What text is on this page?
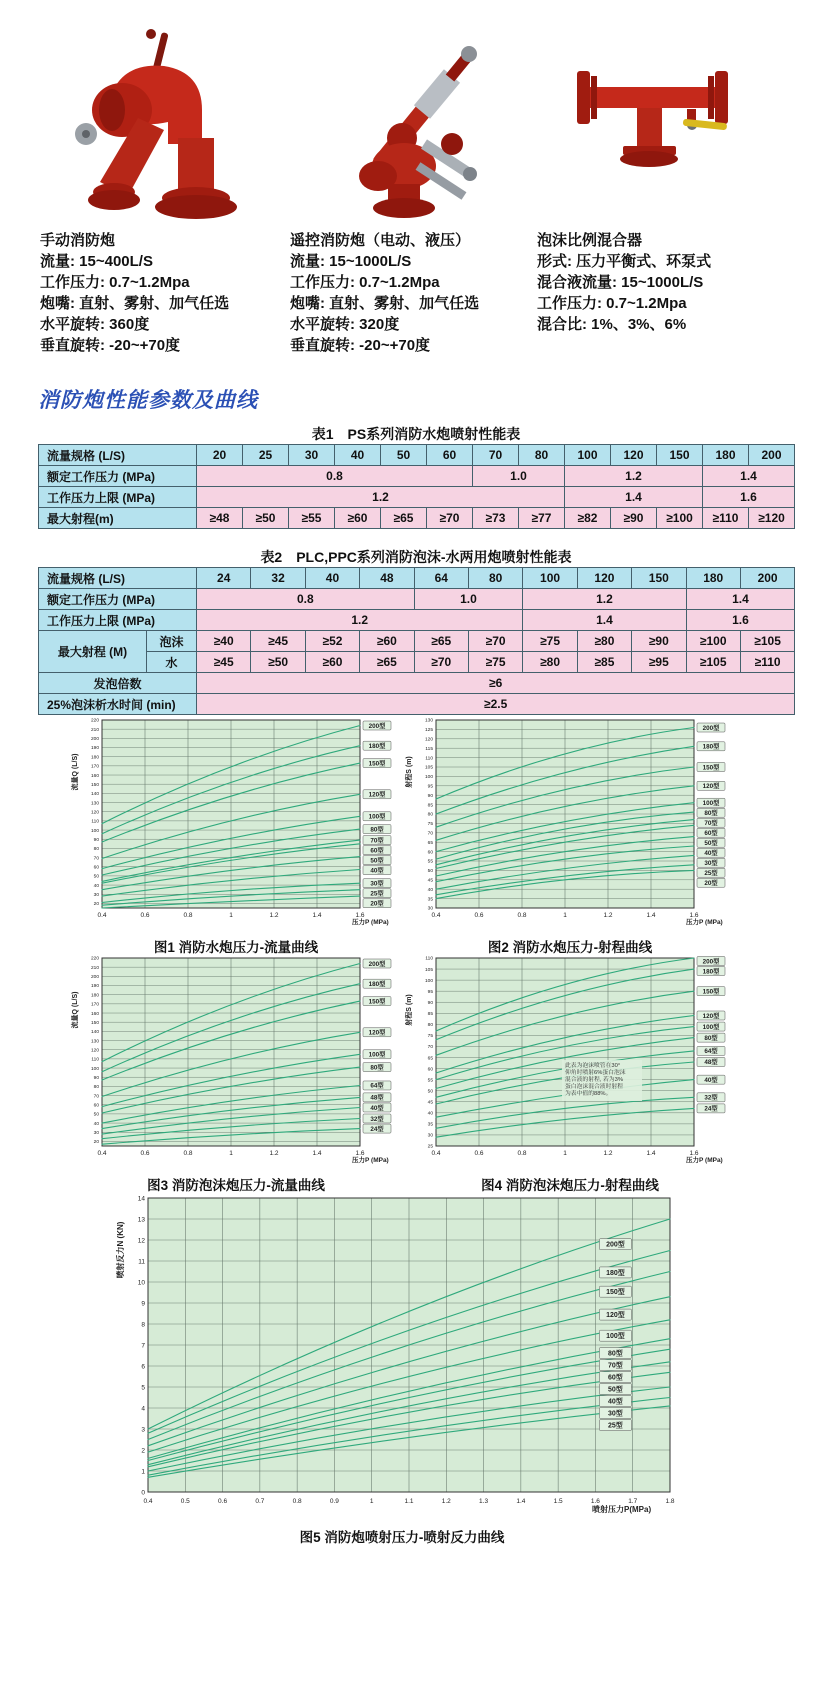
手动消防炮
流量: 15~400L/S
工作压力: 0.7~1.2Mpa
炮嘴: 直射、雾射、加气任选
水平旋转: 360度
垂直旋转: -20~+70度
遥控消防炮（电动、液压）
流量: 15~1000L/S
工作压力: 0.7~1.2Mpa
炮嘴: 直射、雾射、加气任选
水平旋转: 320度
垂直旋转: -20~+70度
泡沫比例混合器
形式: 压力平衡式、环泵式
混合液流量: 15~1000L/S
工作压力: 0.7~1.2Mpa
混合比: 1%、3%、6%
消防炮性能参数及曲线
表1　PS系列消防水炮喷射性能表
流量规格 (L/S)	20	25	30	40	50	60	70	80	100	120	150	180	200
额定工作压力 (MPa)	0.8						1.0		1.2			1.4	
工作压力上限 (MPa)	1.2								1.4			1.6	
最大射程(m)	≥48	≥50	≥55	≥60	≥65	≥70	≥73	≥77	≥82	≥90	≥100	≥110	≥120
表2　PLC,PPC系列消防泡沫-水两用炮喷射性能表
流量规格 (L/S)		24	32	40	48	64	80	100	120	150	180	200
额定工作压力 (MPa)		0.8				1.0		1.2			1.4	
工作压力上限 (MPa)		1.2						1.4			1.6	
最大射程 (M)	泡沫	≥40	≥45	≥52	≥60	≥65	≥70	≥75	≥80	≥90	≥100	≥105
	水	≥45	≥50	≥60	≥65	≥70	≥75	≥80	≥85	≥95	≥105	≥110
发泡倍数		≥6										
25%泡沫析水时间 (min)		≥2.5										
200型
180型
150型
120型
100型
80型
70型
60型
50型
40型
30型
25型
20型
20
30
40
50
60
70
80
90
100
110
120
130
140
150
160
170
180
190
200
210
220
0.4	0.6	0.8	1	1.2	1.4	1.6
流量Q (L/S)
压力P (MPa)
图1 消防水炮压力-流量曲线
200型
180型
150型
120型
100型
80型
70型
60型
50型
40型
30型
25型
20型
30
35
40
45
50
55
60
65
70
75
80
85
90
95
100
105
110
115
120
125
130
0.4	0.6	0.8	1	1.2	1.4	1.6
射程S (m)
压力P (MPa)
图2 消防水炮压力-射程曲线
200型
180型
150型
120型
100型
80型
64型
48型
40型
32型
24型
20
30
40
50
60
70
80
90
100
110
120
130
140
150
160
170
180
190
200
210
220
0.4	0.6	0.8	1	1.2	1.4	1.6
流量Q (L/S)
压力P (MPa)
图3 消防泡沫炮压力-流量曲线
200型
180型
150型
120型
100型
80型
64型
48型
40型
32型
24型
25
30
35
40
45
50
55
60
65
70
75
80
85
90
95
100
105
110
0.4	0.6	0.8	1	1.2	1.4	1.6
射程S (m)
压力P (MPa)
此表为泡沫喷管在30°
仰角时喷射6%蛋白泡沫
混合液的射程, 若为3%
蛋白泡沫混合液时射程
为表中值的88%。
图4 消防泡沫炮压力-射程曲线
200型
180型
150型
120型
100型
80型
70型
60型
50型
40型
30型
25型
0
1
2
3
4
5
6
7
8
9
10
11
12
13
14
0.4	0.5	0.6	0.7	0.8	0.9	1	1.1	1.2	1.3	1.4	1.5	1.6	1.7	1.8
喷射反力N (KN)
喷射压力P(MPa)
图5 消防炮喷射压力-喷射反力曲线
